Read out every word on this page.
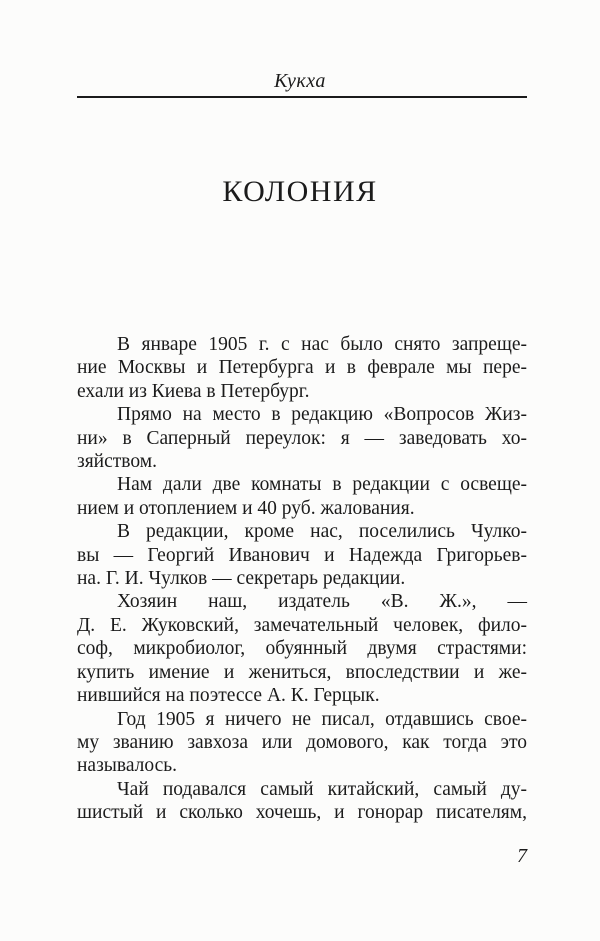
Кукха
КОЛОНИЯ
В январе 1905 г. с нас было снято запреще-
ние Москвы и Петербурга и в феврале мы пере-
ехали из Киева в Петербург.
Прямо на место в редакцию «Вопросов Жиз-
ни» в Саперный переулок: я — заведовать хо-
зяйством.
Нам дали две комнаты в редакции с освеще-
нием и отоплением и 40 руб. жалования.
В редакции, кроме нас, поселились Чулко-
вы — Георгий Иванович и Надежда Григорьев-
на. Г. И. Чулков — секретарь редакции.
Хозяин наш, издатель «В. Ж.», —
Д. Е. Жуковский, замечательный человек, фило-
соф, микробиолог, обуянный двумя страстями:
купить имение и жениться, впоследствии и же-
нившийся на поэтессе А. К. Герцык.
Год 1905 я ничего не писал, отдавшись свое-
му званию завхоза или домового, как тогда это
называлось.
Чай подавался самый китайский, самый ду-
шистый и сколько хочешь, и гонорар писателям,
7
